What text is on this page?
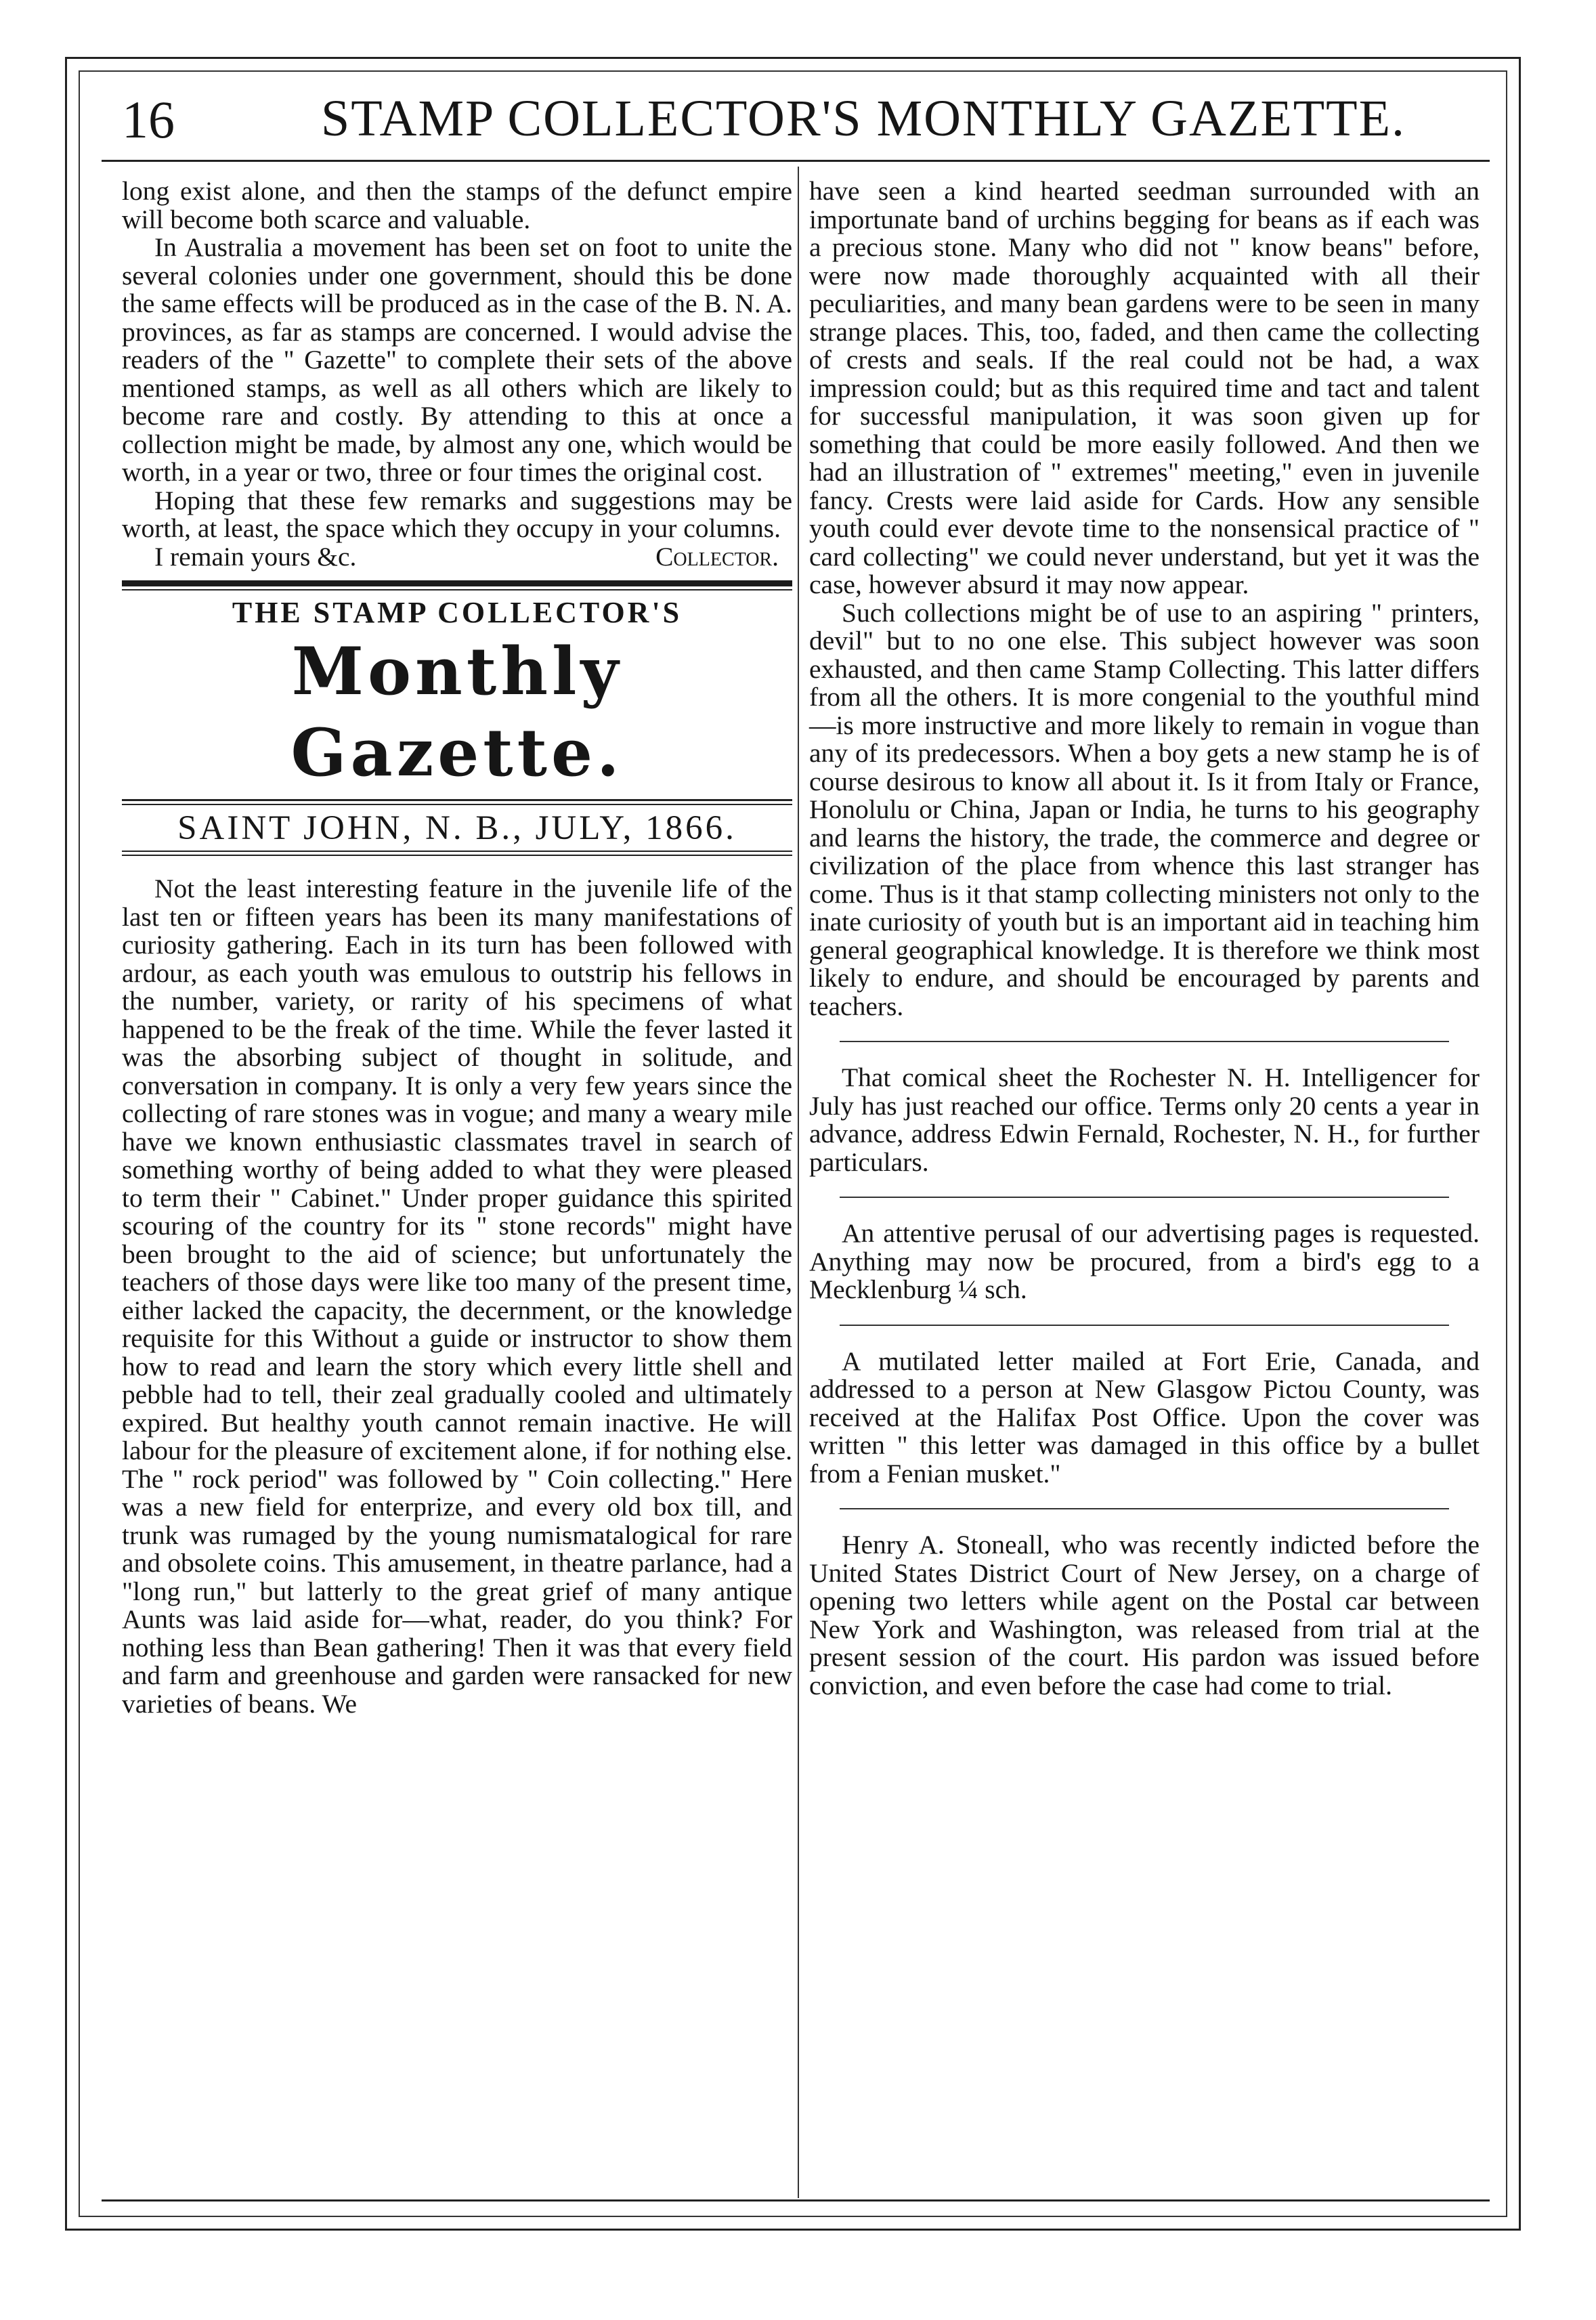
16	STAMP COLLECTOR'S MONTHLY GAZETTE.

long exist alone, and then the stamps of the defunct empire will become both scarce and valuable.

In Australia a movement has been set on foot to unite the several colonies under one government, should this be done the same effects will be produced as in the case of the B. N. A. provinces, as far as stamps are concerned. I would advise the readers of the " Gazette" to complete their sets of the above mentioned stamps, as well as all others which are likely to become rare and costly. By attending to this at once a collection might be made, by almost any one, which would be worth, in a year or two, three or four times the original cost.

Hoping that these few remarks and suggestions may be worth, at least, the space which they occupy in your columns.

I remain yours &c.	Collector.
THE STAMP COLLECTOR'S
Monthly Gazette.
SAINT JOHN, N. B., JULY, 1866.

Not the least interesting feature in the juvenile life of the last ten or fifteen years has been its many manifestations of curiosity gathering. Each in its turn has been followed with ardour, as each youth was emulous to outstrip his fellows in the number, variety, or rarity of his specimens of what happened to be the freak of the time. While the fever lasted it was the absorbing subject of thought in solitude, and conversation in company. It is only a very few years since the collecting of rare stones was in vogue; and many a weary mile have we known enthusiastic classmates travel in search of something worthy of being added to what they were pleased to term their " Cabinet." Under proper guidance this spirited scouring of the country for its " stone records" might have been brought to the aid of science; but unfortunately the teachers of those days were like too many of the present time, either lacked the capacity, the decernment, or the knowledge requisite for this Without a guide or instructor to show them how to read and learn the story which every little shell and pebble had to tell, their zeal gradually cooled and ultimately expired. But healthy youth cannot remain inactive. He will labour for the pleasure of excitement alone, if for nothing else. The " rock period" was followed by " Coin collecting." Here was a new field for enterprize, and every old box till, and trunk was rumaged by the young numismatalogical for rare and obsolete coins. This amusement, in theatre parlance, had a "long run," but latterly to the great grief of many antique Aunts was laid aside for—what, reader, do you think? For nothing less than Bean gathering! Then it was that every field and farm and greenhouse and garden were ransacked for new varieties of beans. We

have seen a kind hearted seedman surrounded with an importunate band of urchins begging for beans as if each was a precious stone. Many who did not " know beans" before, were now made thoroughly acquainted with all their peculiarities, and many bean gardens were to be seen in many strange places. This, too, faded, and then came the collecting of crests and seals. If the real could not be had, a wax impression could; but as this required time and tact and talent for successful manipulation, it was soon given up for something that could be more easily followed. And then we had an illustration of " extremes" meeting," even in juvenile fancy. Crests were laid aside for Cards. How any sensible youth could ever devote time to the nonsensical practice of " card collecting" we could never understand, but yet it was the case, however absurd it may now appear.

Such collections might be of use to an aspiring " printers, devil" but to no one else. This subject however was soon exhausted, and then came Stamp Collecting. This latter differs from all the others. It is more congenial to the youthful mind—is more instructive and more likely to remain in vogue than any of its predecessors. When a boy gets a new stamp he is of course desirous to know all about it. Is it from Italy or France, Honolulu or China, Japan or India, he turns to his geography and learns the history, the trade, the commerce and degree or civilization of the place from whence this last stranger has come. Thus is it that stamp collecting ministers not only to the inate curiosity of youth but is an important aid in teaching him general geographical knowledge. It is therefore we think most likely to endure, and should be encouraged by parents and teachers.

That comical sheet the Rochester N. H. Intelligencer for July has just reached our office. Terms only 20 cents a year in advance, address Edwin Fernald, Rochester, N. H., for further particulars.

An attentive perusal of our advertising pages is requested. Anything may now be procured, from a bird's egg to a Mecklenburg ¼ sch.

A mutilated letter mailed at Fort Erie, Canada, and addressed to a person at New Glasgow Pictou County, was received at the Halifax Post Office. Upon the cover was written " this letter was damaged in this office by a bullet from a Fenian musket."

Henry A. Stoneall, who was recently indicted before the United States District Court of New Jersey, on a charge of opening two letters while agent on the Postal car between New York and Washington, was released from trial at the present session of the court. His pardon was issued before conviction, and even before the case had come to trial.
